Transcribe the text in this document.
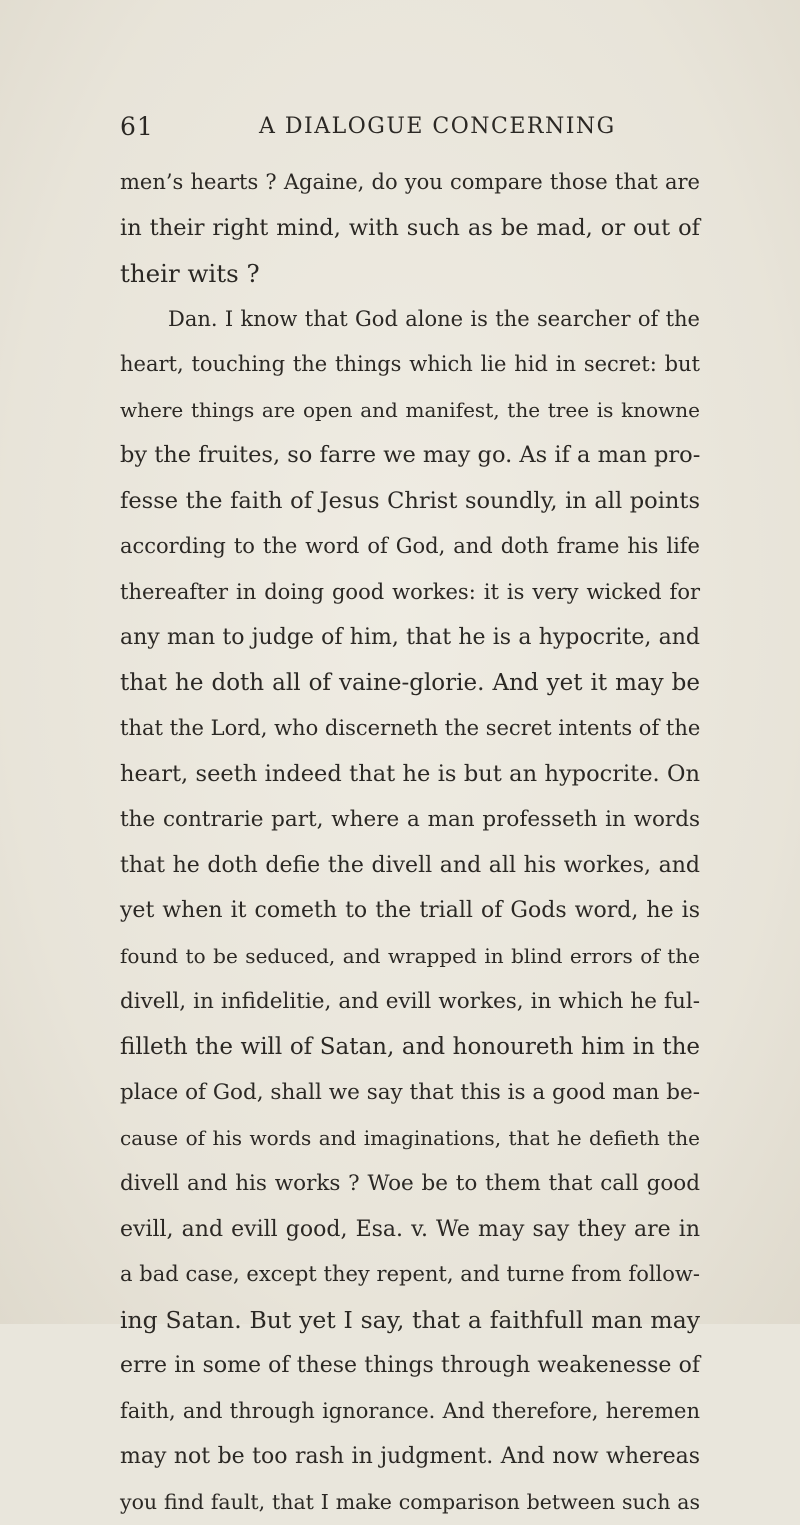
61	A DIALOGUE CONCERNING
men’s hearts ? Againe, do you compare those that are
in their right mind, with such as be mad, or out of
their wits ?
Dan. I know that God alone is the searcher of the
heart, touching the things which lie hid in secret: but
where things are open and manifest, the tree is knowne
by the fruites, so farre we may go. As if a man pro-
fesse the faith of Jesus Christ soundly, in all points
according to the word of God, and doth frame his life
thereafter in doing good workes: it is very wicked for
any man to judge of him, that he is a hypocrite, and
that he doth all of vaine-glorie. And yet it may be
that the Lord, who discerneth the secret intents of the
heart, seeth indeed that he is but an hypocrite. On
the contrarie part, where a man professeth in words
that he doth defie the divell and all his workes, and
yet when it cometh to the triall of Gods word, he is
found to be seduced, and wrapped in blind errors of the
divell, in infidelitie, and evill workes, in which he ful-
filleth the will of Satan, and honoureth him in the
place of God, shall we say that this is a good man be-
cause of his words and imaginations, that he defieth the
divell and his works ? Woe be to them that call good
evill, and evill good, Esa. v. We may say they are in
a bad case, except they repent, and turne from follow-
ing Satan. But yet I say, that a faithfull man may
erre in some of these things through weakenesse of
faith, and through ignorance. And therefore, heremen
may not be too rash in judgment. And now whereas
you find fault, that I make comparison between such as
